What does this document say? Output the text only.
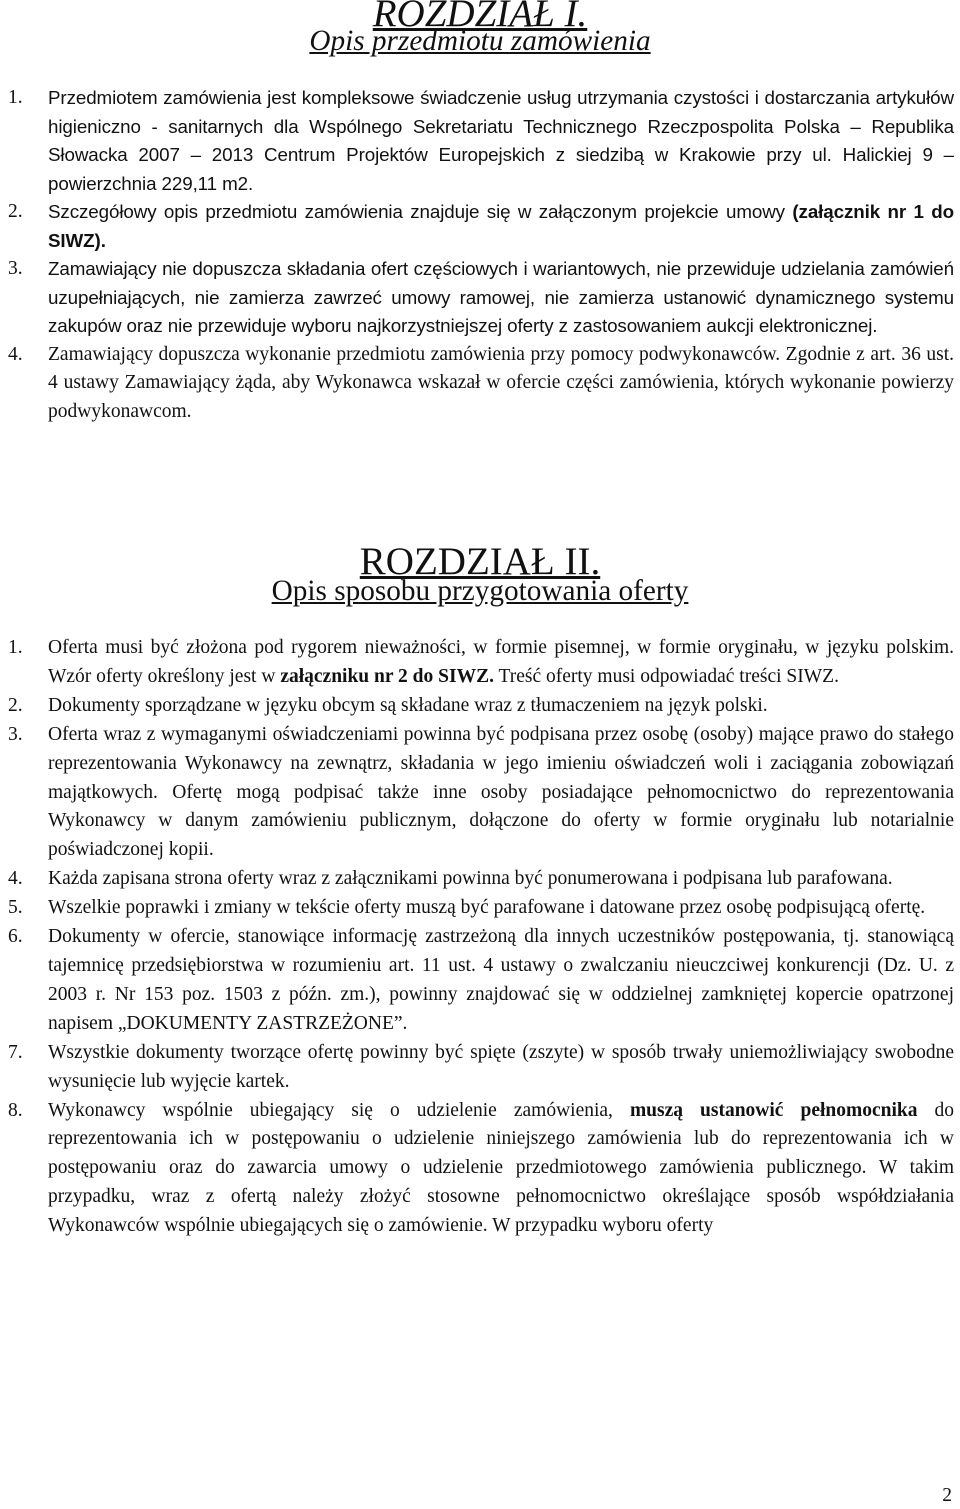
ROZDZIAŁ I.
Opis przedmiotu zamówienia
1. Przedmiotem zamówienia jest kompleksowe świadczenie usług utrzymania czystości i dostarczania artykułów higieniczno - sanitarnych dla Wspólnego Sekretariatu Technicznego Rzeczpospolita Polska – Republika Słowacka 2007 – 2013 Centrum Projektów Europejskich z siedzibą w Krakowie przy ul. Halickiej 9 – powierzchnia 229,11 m2.
2. Szczegółowy opis przedmiotu zamówienia znajduje się w załączonym projekcie umowy (załącznik nr 1 do SIWZ).
3. Zamawiający nie dopuszcza składania ofert częściowych i wariantowych, nie przewiduje udzielania zamówień uzupełniających, nie zamierza zawrzeć umowy ramowej, nie zamierza ustanowić dynamicznego systemu zakupów oraz nie przewiduje wyboru najkorzystniejszej oferty z zastosowaniem aukcji elektronicznej.
4. Zamawiający dopuszcza wykonanie przedmiotu zamówienia przy pomocy podwykonawców. Zgodnie z art. 36 ust. 4 ustawy Zamawiający żąda, aby Wykonawca wskazał w ofercie części zamówienia, których wykonanie powierzy podwykonawcom.
ROZDZIAŁ II.
Opis sposobu przygotowania oferty
1. Oferta musi być złożona pod rygorem nieważności, w formie pisemnej, w formie oryginału, w języku polskim. Wzór oferty określony jest w załączniku nr 2 do SIWZ. Treść oferty musi odpowiadać treści SIWZ.
2. Dokumenty sporządzane w języku obcym są składane wraz z tłumaczeniem na język polski.
3. Oferta wraz z wymaganymi oświadczeniami powinna być podpisana przez osobę (osoby) mające prawo do stałego reprezentowania Wykonawcy na zewnątrz, składania w jego imieniu oświadczeń woli i zaciągania zobowiązań majątkowych. Ofertę mogą podpisać także inne osoby posiadające pełnomocnictwo do reprezentowania Wykonawcy w danym zamówieniu publicznym, dołączone do oferty w formie oryginału lub notarialnie poświadczonej kopii.
4. Każda zapisana strona oferty wraz z załącznikami powinna być ponumerowana i podpisana lub parafowana.
5. Wszelkie poprawki i zmiany w tekście oferty muszą być parafowane i datowane przez osobę podpisującą ofertę.
6. Dokumenty w ofercie, stanowiące informację zastrzeżoną dla innych uczestników postępowania, tj. stanowiącą tajemnicę przedsiębiorstwa w rozumieniu art. 11 ust. 4 ustawy o zwalczaniu nieuczciwej konkurencji (Dz. U. z 2003 r. Nr 153 poz. 1503 z późn. zm.), powinny znajdować się w oddzielnej zamkniętej kopercie opatrzonej napisem „DOKUMENTY ZASTRZEŻONE”.
7. Wszystkie dokumenty tworzące ofertę powinny być spięte (zszyte) w sposób trwały uniemożliwiający swobodne wysunięcie lub wyjęcie kartek.
8. Wykonawcy wspólnie ubiegający się o udzielenie zamówienia, muszą ustanowić pełnomocnika do reprezentowania ich w postępowaniu o udzielenie niniejszego zamówienia lub do reprezentowania ich w postępowaniu oraz do zawarcia umowy o udzielenie przedmiotowego zamówienia publicznego. W takim przypadku, wraz z ofertą należy złożyć stosowne pełnomocnictwo określające sposób współdziałania Wykonawców wspólnie ubiegających się o zamówienie. W przypadku wyboru oferty
2
